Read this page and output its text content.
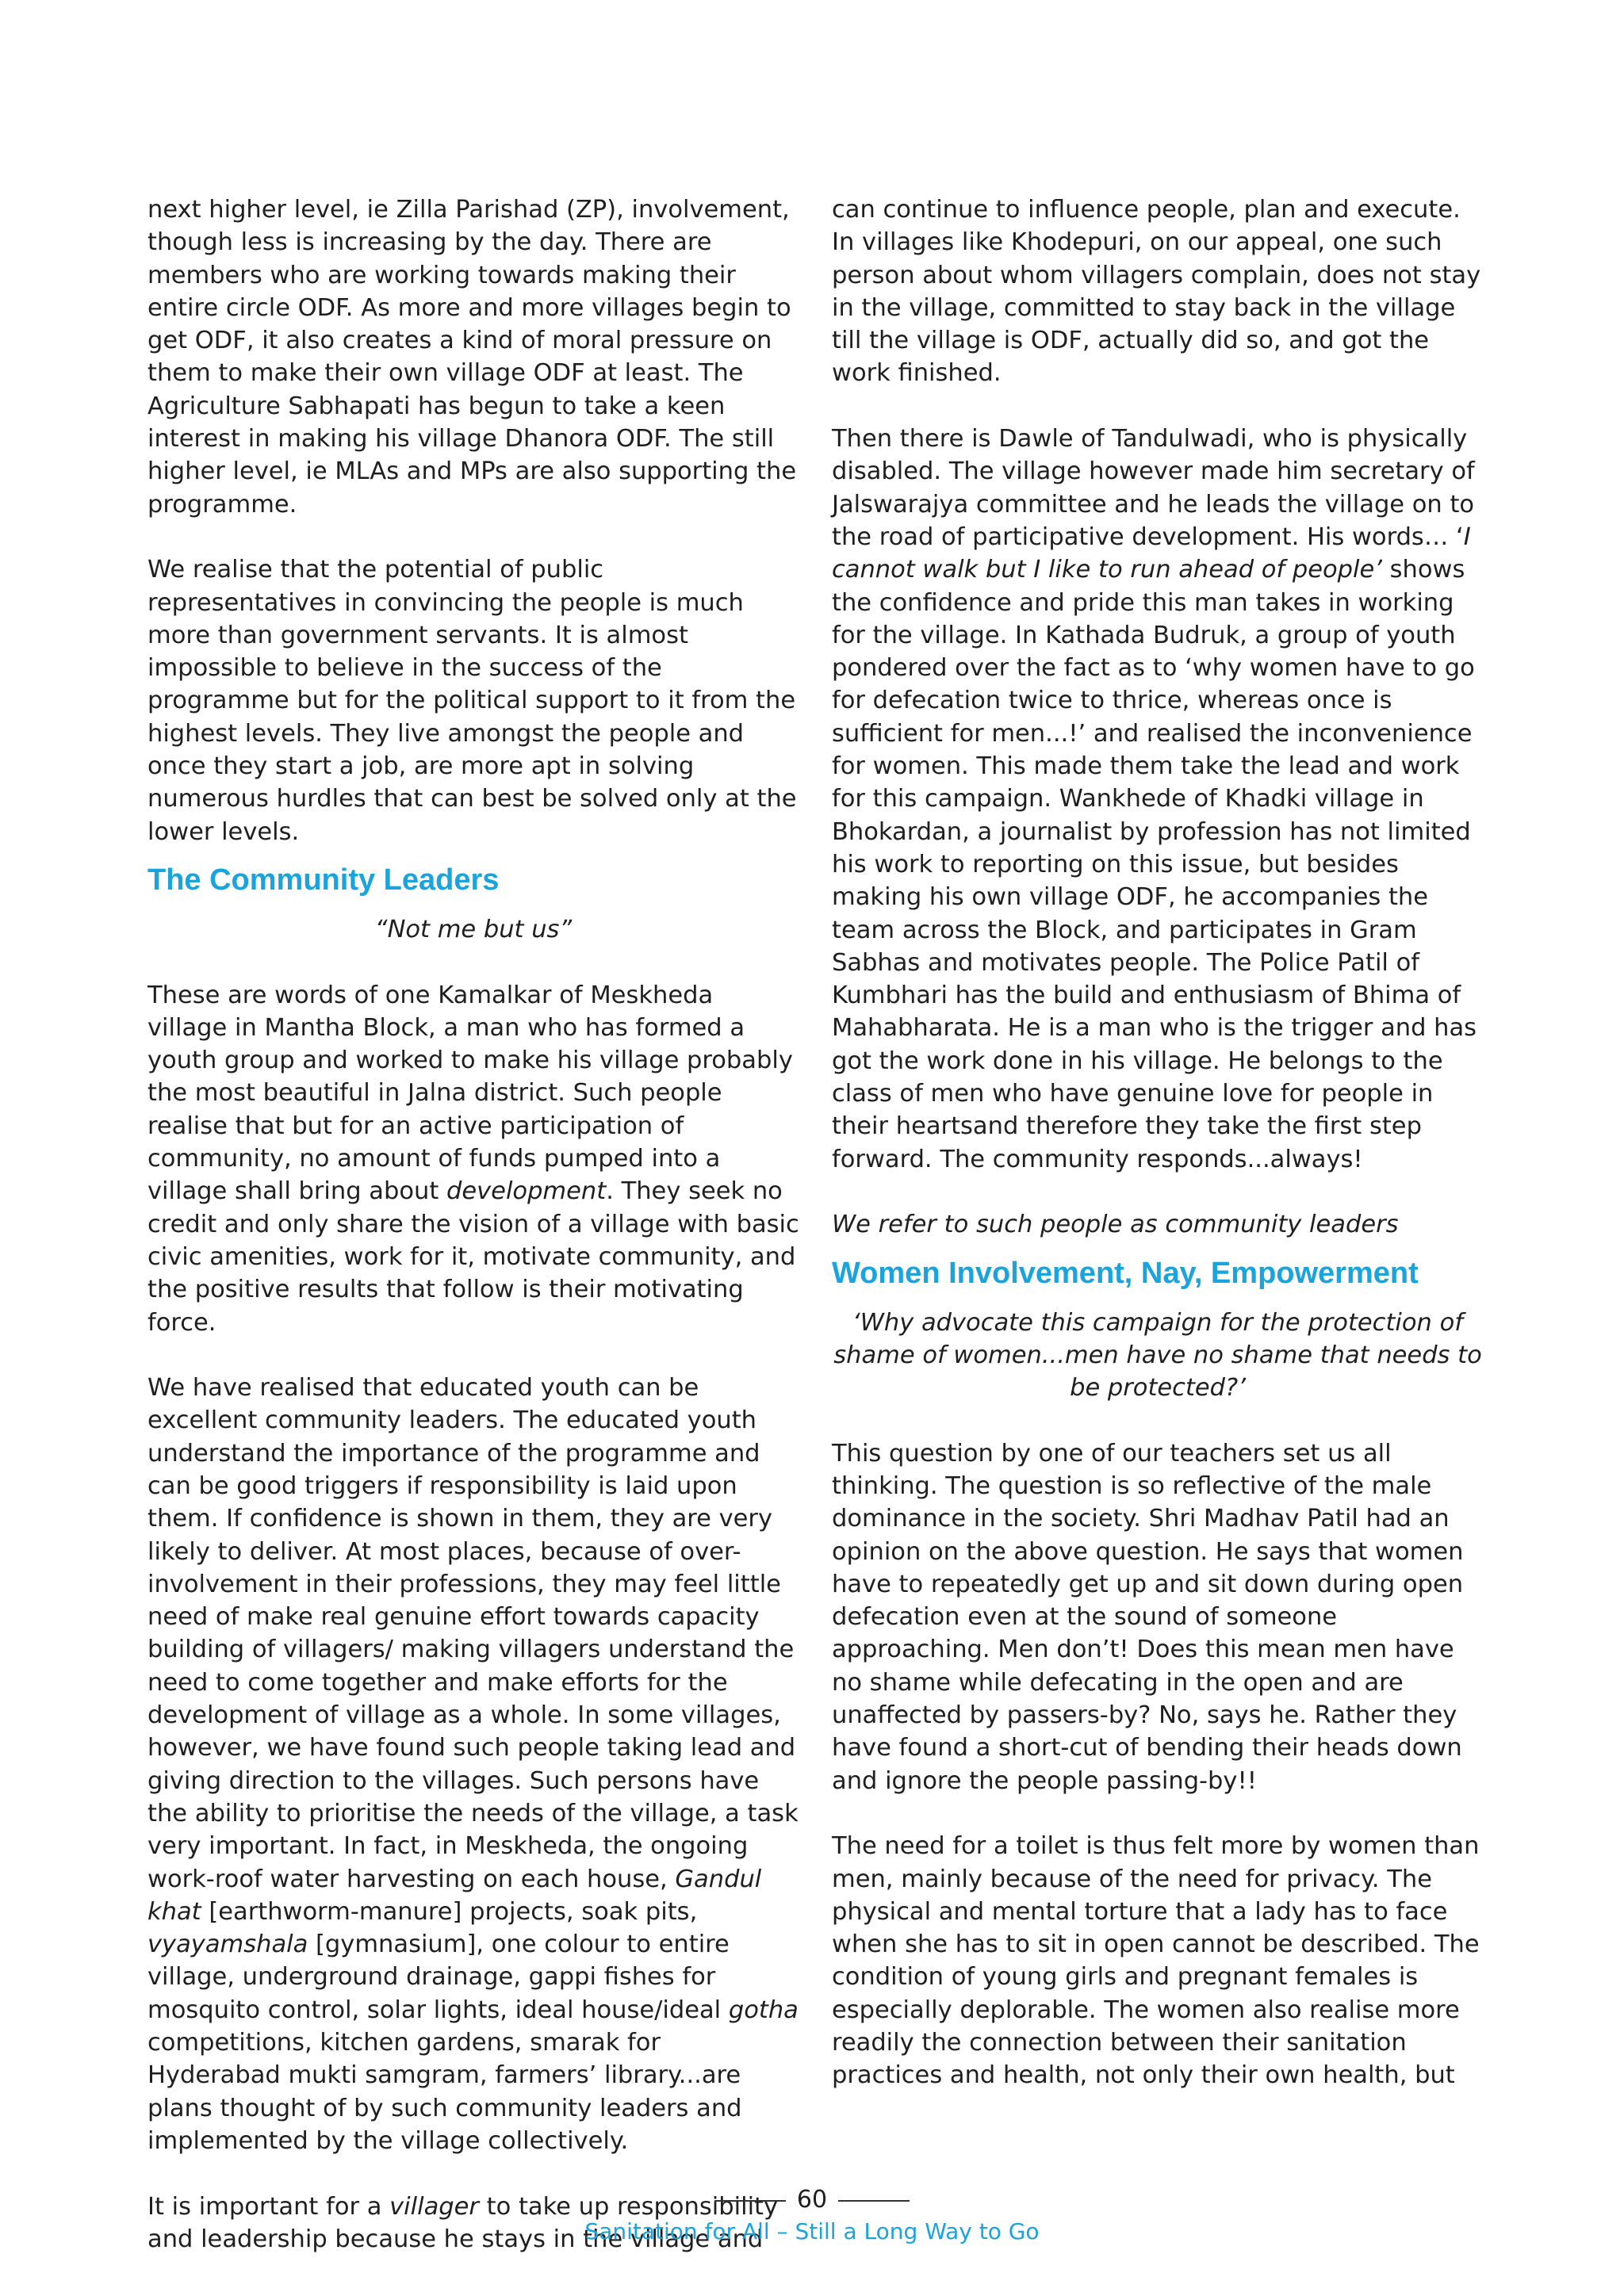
next higher level, ie Zilla Parishad (ZP), involvement, though less is increasing by the day. There are members who are working towards making their entire circle ODF. As more and more villages begin to get ODF, it also creates a kind of moral pressure on them to make their own village ODF at least. The Agriculture Sabhapati has begun to take a keen interest in making his village Dhanora ODF. The still higher level, ie MLAs and MPs are also supporting the programme.

We realise that the potential of public representatives in convincing the people is much more than government servants. It is almost impossible to believe in the success of the programme but for the political support to it from the highest levels. They live amongst the people and once they start a job, are more apt in solving numerous hurdles that can best be solved only at the lower levels.

The Community Leaders

“Not me but us”

These are words of one Kamalkar of Meskheda village in Mantha Block, a man who has formed a youth group and worked to make his village probably the most beautiful in Jalna district. Such people realise that but for an active participation of community, no amount of funds pumped into a village shall bring about development. They seek no credit and only share the vision of a village with basic civic amenities, work for it, motivate community, and the positive results that follow is their motivating force.

We have realised that educated youth can be excellent community leaders. The educated youth understand the importance of the programme and can be good triggers if responsibility is laid upon them. If confidence is shown in them, they are very likely to deliver. At most places, because of over-involvement in their professions, they may feel little need of make real genuine effort towards capacity building of villagers/ making villagers understand the need to come together and make efforts for the development of village as a whole. In some villages, however, we have found such people taking lead and giving direction to the villages. Such persons have the ability to prioritise the needs of the village, a task very important. In fact, in Meskheda, the ongoing work-roof water harvesting on each house, Gandul khat [earthworm-manure] projects, soak pits, vyayamshala [gymnasium], one colour to entire village, underground drainage, gappi fishes for mosquito control, solar lights, ideal house/ideal gotha competitions, kitchen gardens, smarak for Hyderabad mukti samgram, farmers’ library...are plans thought of by such community leaders and implemented by the village collectively.

It is important for a villager to take up responsibility and leadership because he stays in the village and

can continue to influence people, plan and execute. In villages like Khodepuri, on our appeal, one such person about whom villagers complain, does not stay in the village, committed to stay back in the village till the village is ODF, actually did so, and got the work finished.

Then there is Dawle of Tandulwadi, who is physically disabled. The village however made him secretary of Jalswarajya committee and he leads the village on to the road of participative development. His words… ‘I cannot walk but I like to run ahead of people’ shows the confidence and pride this man takes in working for the village. In Kathada Budruk, a group of youth pondered over the fact as to ‘why women have to go for defecation twice to thrice, whereas once is sufficient for men...!’ and realised the inconvenience for women. This made them take the lead and work for this campaign. Wankhede of Khadki village in Bhokardan, a journalist by profession has not limited his work to reporting on this issue, but besides making his own village ODF, he accompanies the team across the Block, and participates in Gram Sabhas and motivates people. The Police Patil of Kumbhari has the build and enthusiasm of Bhima of Mahabharata. He is a man who is the trigger and has got the work done in his village. He belongs to the class of men who have genuine love for people in their heartsand therefore they take the first step forward. The community responds...always!

We refer to such people as community leaders

Women Involvement, Nay, Empowerment

‘Why advocate this campaign for the protection of shame of women...men have no shame that needs to be protected?’

This question by one of our teachers set us all thinking. The question is so reflective of the male dominance in the society. Shri Madhav Patil had an opinion on the above question. He says that women have to repeatedly get up and sit down during open defecation even at the sound of someone approaching. Men don’t! Does this mean men have no shame while defecating in the open and are unaffected by passers-by? No, says he. Rather they have found a short-cut of bending their heads down and ignore the people passing-by!!

The need for a toilet is thus felt more by women than men, mainly because of the need for privacy. The physical and mental torture that a lady has to face when she has to sit in open cannot be described. The condition of young girls and pregnant females is especially deplorable. The women also realise more readily the connection between their sanitation practices and health, not only their own health, but

60
Sanitation for All – Still a Long Way to Go
